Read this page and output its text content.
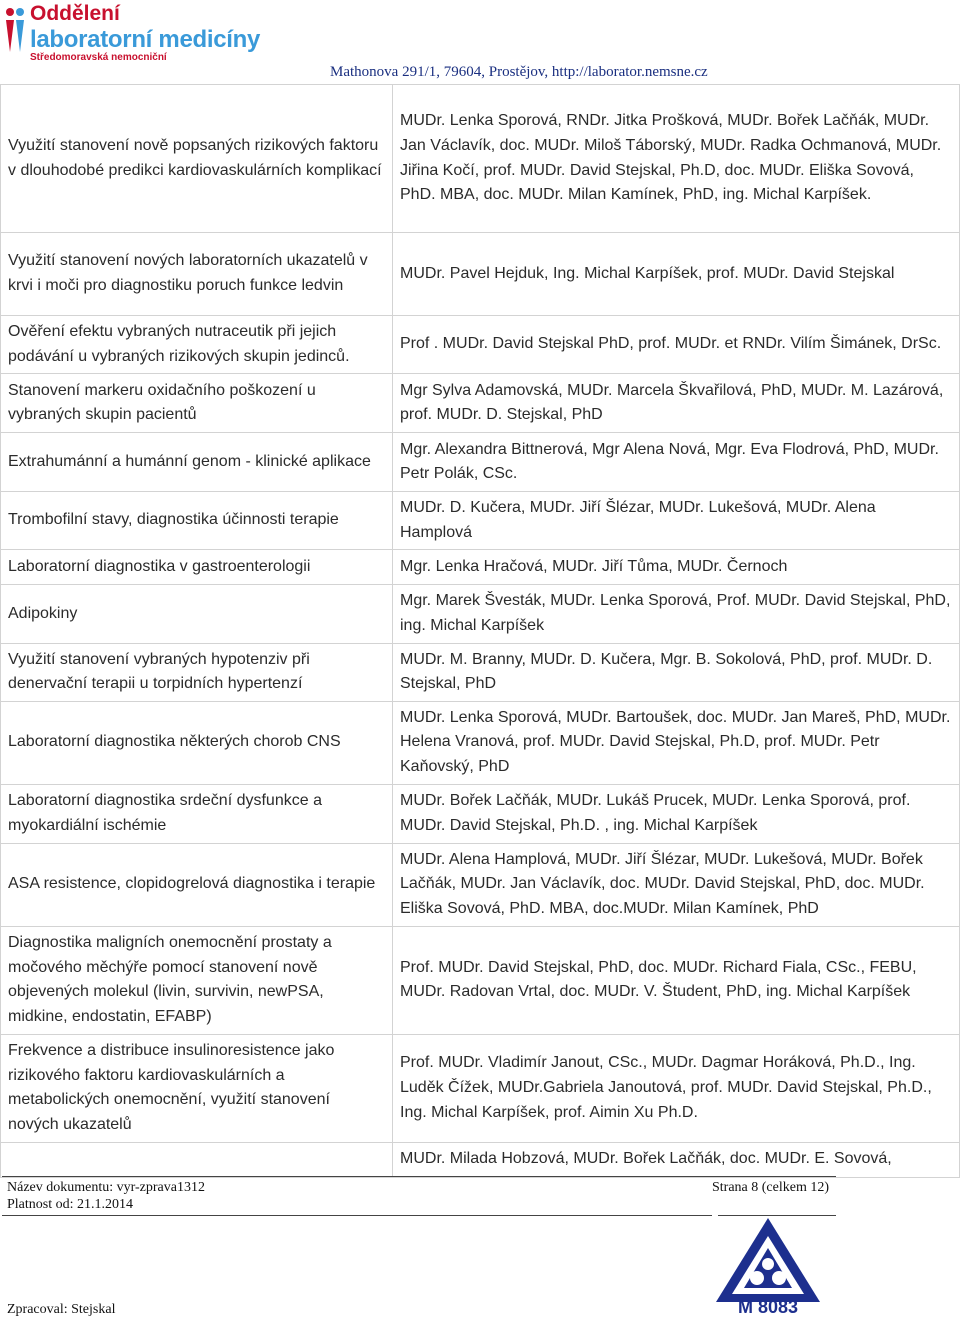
Oddělení
laboratorní medicíny
Středomoravská nemocniční
Mathonova 291/1, 79604, Prostějov, http://laborator.nemsne.cz
Využití stanovení nově popsaných rizikových faktoru v dlouhodobé predikci kardiovaskulárních komplikací	MUDr. Lenka Sporová, RNDr. Jitka Prošková, MUDr. Bořek Lačňák, MUDr. Jan Václavík, doc. MUDr. Miloš Táborský, MUDr. Radka Ochmanová, MUDr. Jiřina Kočí, prof. MUDr. David Stejskal, Ph.D, doc. MUDr. Eliška Sovová, PhD. MBA, doc. MUDr. Milan Kamínek, PhD, ing. Michal Karpíšek.
Využití stanovení nových laboratorních ukazatelů v krvi i moči pro diagnostiku poruch funkce ledvin	MUDr. Pavel Hejduk, Ing. Michal Karpíšek, prof. MUDr. David Stejskal
Ověření efektu vybraných nutraceutik při jejich podávání u vybraných rizikových skupin jedinců.	Prof . MUDr. David Stejskal PhD, prof. MUDr. et RNDr. Vilím Šimánek, DrSc.
Stanovení markeru oxidačního poškození u vybraných skupin pacientů	Mgr Sylva Adamovská, MUDr. Marcela Škvařilová, PhD, MUDr. M. Lazárová, prof. MUDr. D. Stejskal, PhD
Extrahumánní a humánní genom - klinické aplikace	Mgr. Alexandra Bittnerová, Mgr Alena Nová, Mgr. Eva Flodrová, PhD, MUDr. Petr Polák, CSc.
Trombofilní stavy, diagnostika účinnosti terapie	MUDr. D. Kučera, MUDr. Jiří Šlézar, MUDr. Lukešová, MUDr. Alena Hamplová
Laboratorní diagnostika v gastroenterologii	Mgr. Lenka Hračová, MUDr. Jiří Tůma, MUDr. Černoch
Adipokiny	Mgr. Marek Švesták, MUDr. Lenka Sporová, Prof. MUDr. David Stejskal, PhD, ing. Michal Karpíšek
Využití stanovení vybraných hypotenziv při denervační terapii u torpidních hypertenzí	MUDr. M. Branny, MUDr. D. Kučera, Mgr. B. Sokolová, PhD, prof. MUDr. D. Stejskal, PhD
Laboratorní diagnostika některých chorob CNS	MUDr. Lenka Sporová, MUDr. Bartoušek, doc. MUDr. Jan Mareš, PhD, MUDr. Helena Vranová, prof. MUDr. David Stejskal, Ph.D, prof. MUDr. Petr Kaňovský, PhD
Laboratorní diagnostika srdeční dysfunkce a myokardiální ischémie	MUDr. Bořek Lačňák, MUDr. Lukáš Prucek, MUDr. Lenka Sporová, prof. MUDr. David Stejskal, Ph.D. , ing. Michal Karpíšek
ASA resistence, clopidogrelová diagnostika i terapie	MUDr. Alena Hamplová, MUDr. Jiří Šlézar, MUDr. Lukešová, MUDr. Bořek Lačňák, MUDr. Jan Václavík, doc. MUDr. David Stejskal, PhD, doc. MUDr. Eliška Sovová, PhD. MBA, doc.MUDr. Milan Kamínek, PhD
Diagnostika maligních onemocnění prostaty a močového měchýře pomocí stanovení nově objevených molekul (livin, survivin, newPSA, midkine, endostatin, EFABP)	Prof. MUDr. David Stejskal, PhD, doc. MUDr. Richard Fiala, CSc., FEBU, MUDr. Radovan Vrtal, doc. MUDr. V. Študent, PhD, ing. Michal Karpíšek
Frekvence a distribuce insulinoresistence jako rizikového faktoru kardiovaskulárních a metabolických onemocnění, využití stanovení nových ukazatelů	Prof. MUDr. Vladimír Janout, CSc., MUDr. Dagmar Horáková, Ph.D., Ing. Luděk Čížek, MUDr.Gabriela Janoutová, prof. MUDr. David Stejskal, Ph.D., Ing. Michal Karpíšek, prof. Aimin Xu Ph.D.
	MUDr. Milada Hobzová, MUDr. Bořek Lačňák, doc. MUDr. E. Sovová,
Název dokumentu: vyr-zprava1312	Strana 8 (celkem 12)
Platnost od: 21.1.2014
Zpracoval: Stejskal	M 8083
